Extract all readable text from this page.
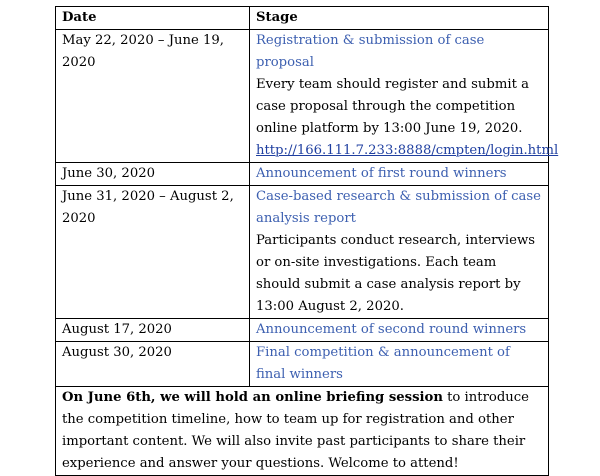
Date	Stage
May 22, 2020 – June 19, 2020	Registration & submission of case proposal
Every team should register and submit a case proposal through the competition online platform by 13:00 June 19, 2020.
http://166.111.7.233:8888/cmpten/login.html
June 30, 2020	Announcement of first round winners

June 31, 2020 – August 2, 2020	Case-based research & submission of case analysis report
Participants conduct research, interviews or on-site investigations. Each team should submit a case analysis report by 13:00 August 2, 2020.

August 17, 2020	Announcement of second round winners

August 30, 2020	Final competition & announcement of final winners

On June 6th, we will hold an online briefing session to introduce the competition timeline, how to team up for registration and other important content. We will also invite past participants to share their experience and answer your questions. Welcome to attend!	
